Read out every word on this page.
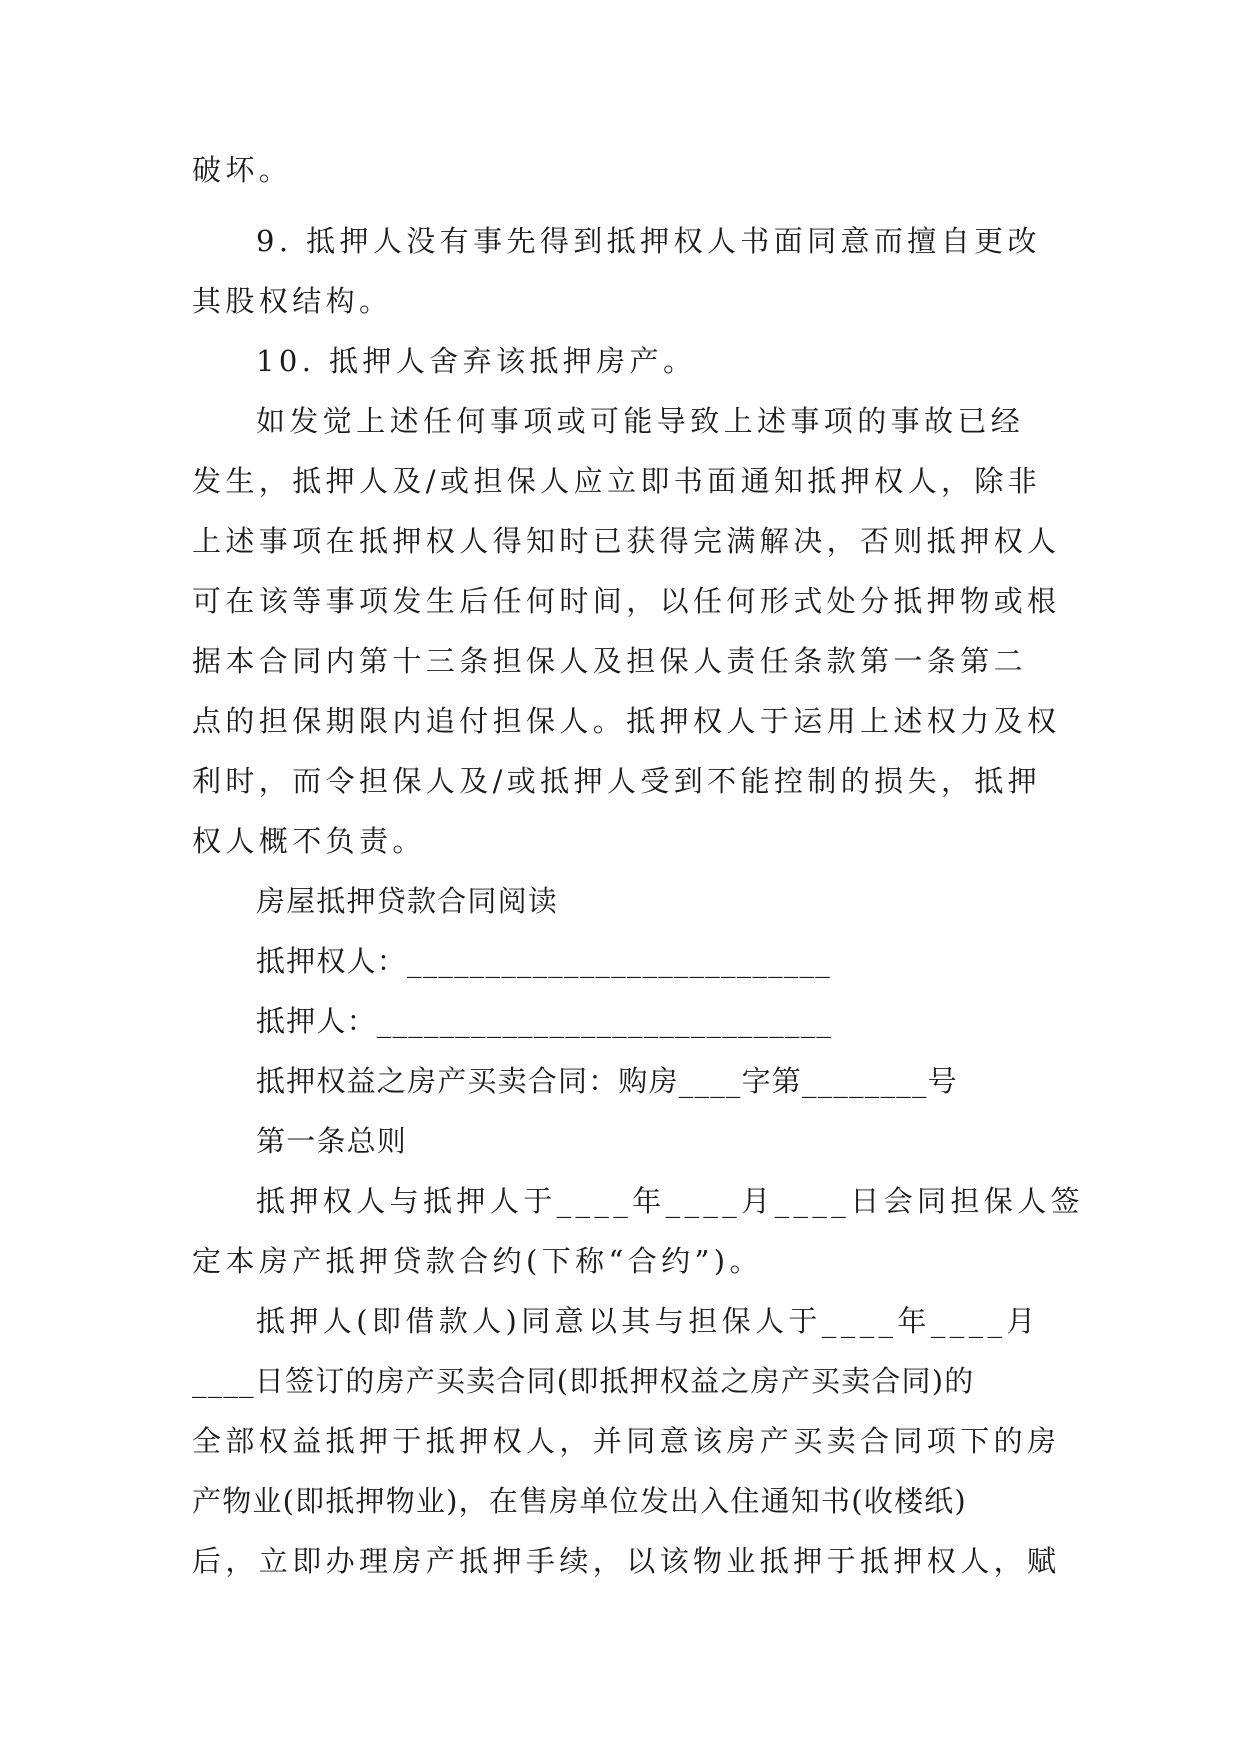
破坏。
9. 抵押人没有事先得到抵押权人书面同意而擅自更改
其股权结构。
10. 抵押人舍弃该抵押房产。
如发觉上述任何事项或可能导致上述事项的事故已经
发生，抵押人及/或担保人应立即书面通知抵押权人，除非
上述事项在抵押权人得知时已获得完满解决，否则抵押权人
可在该等事项发生后任何时间，以任何形式处分抵押物或根
据本合同内第十三条担保人及担保人责任条款第一条第二
点的担保期限内追付担保人。抵押权人于运用上述权力及权
利时，而令担保人及/或抵押人受到不能控制的损失，抵押
权人概不负责。
房屋抵押贷款合同阅读
抵押权人：___________________________
抵押人：_____________________________
抵押权益之房产买卖合同：购房____字第________号
第一条总则
抵押权人与抵押人于____年____月____日会同担保人签
定本房产抵押贷款合约(下称“合约”)。
抵押人(即借款人)同意以其与担保人于____年____月
____日签订的房产买卖合同(即抵押权益之房产买卖合同)的
全部权益抵押于抵押权人，并同意该房产买卖合同项下的房
产物业(即抵押物业)，在售房单位发出入住通知书(收楼纸)
后，立即办理房产抵押手续，以该物业抵押于抵押权人，赋
